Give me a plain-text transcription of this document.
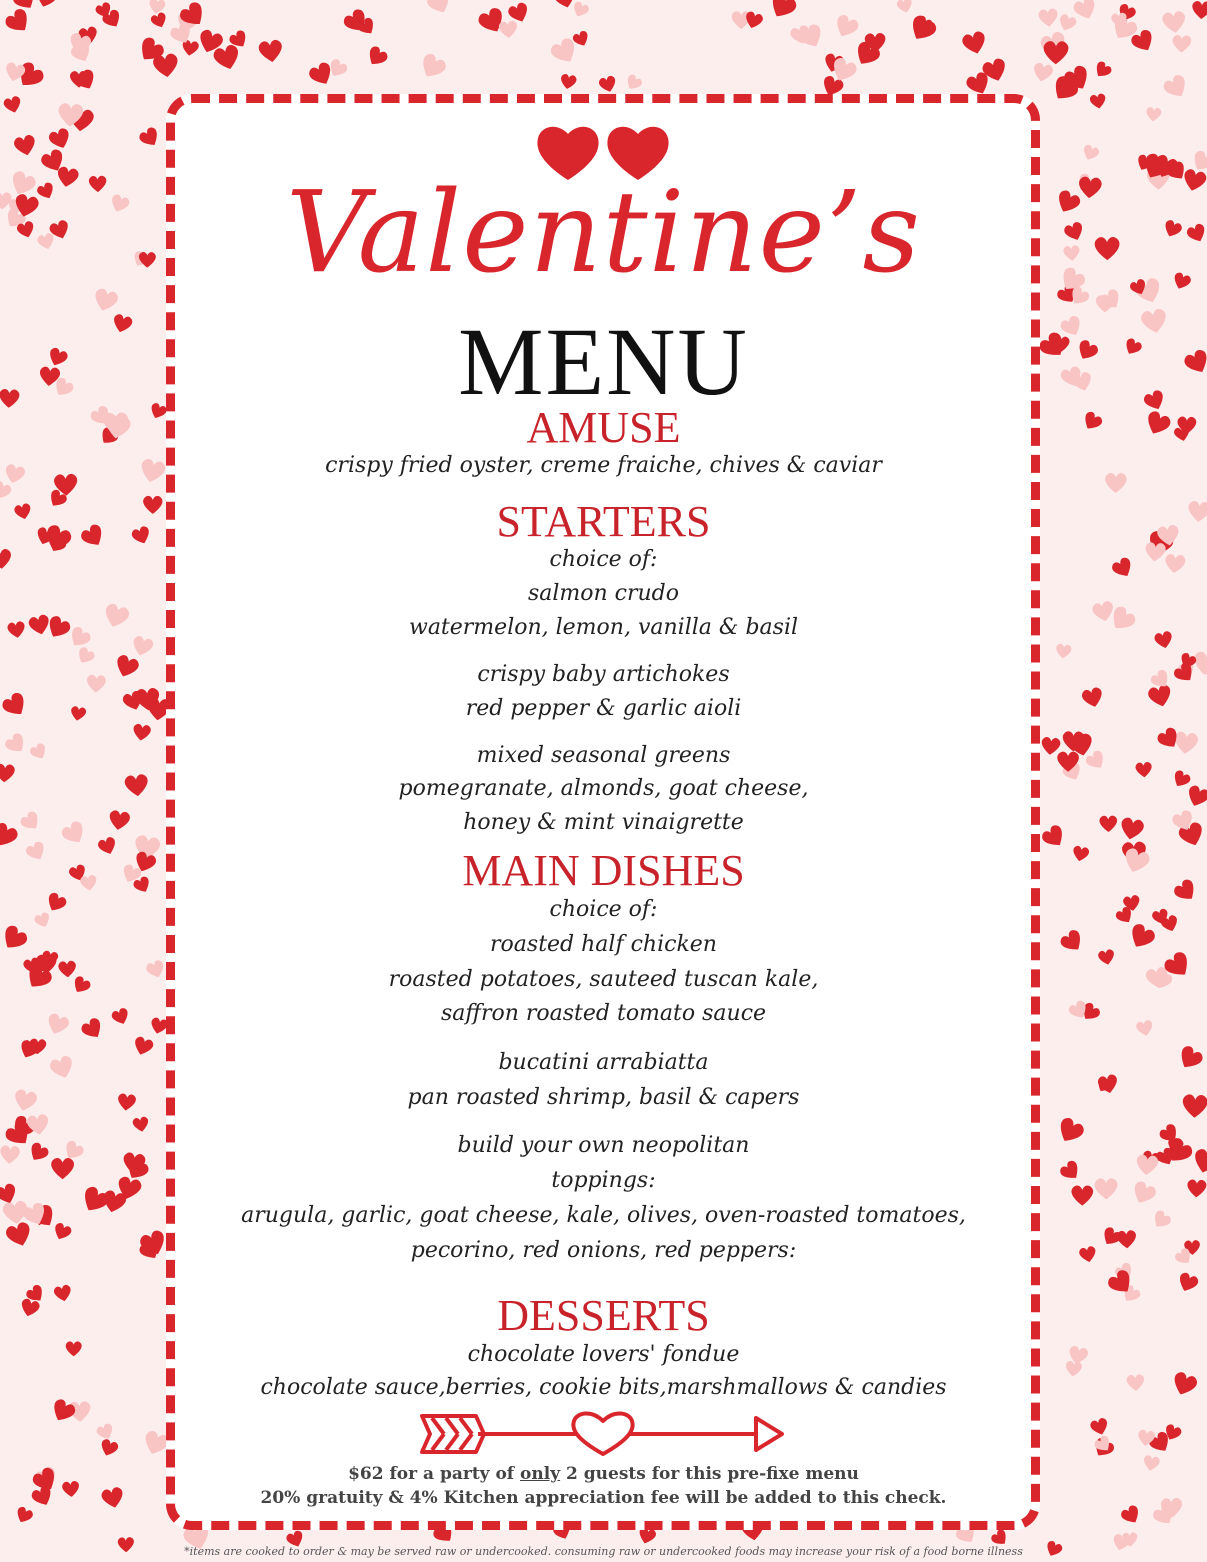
Valentine’s
MENU
AMUSE
crispy fried oyster, creme fraiche, chives & caviar
STARTERS
choice of:
salmon crudo
watermelon, lemon, vanilla & basil
crispy baby artichokes
red pepper & garlic aioli
mixed seasonal greens
pomegranate, almonds, goat cheese,
honey & mint vinaigrette
MAIN DISHES
choice of:
roasted half chicken
roasted potatoes, sauteed tuscan kale,
saffron roasted tomato sauce
bucatini arrabiatta
pan roasted shrimp, basil & capers
build your own neopolitan
toppings:
arugula, garlic, goat cheese, kale, olives, oven-roasted tomatoes,
pecorino, red onions, red peppers:
DESSERTS
chocolate lovers' fondue
chocolate sauce,berries, cookie bits,marshmallows & candies
$62 for a party of only 2 guests for this pre-fixe menu
20% gratuity & 4% Kitchen appreciation fee will be added to this check.
*items are cooked to order & may be served raw or undercooked. consuming raw or undercooked foods may increase your risk of a food borne illness
